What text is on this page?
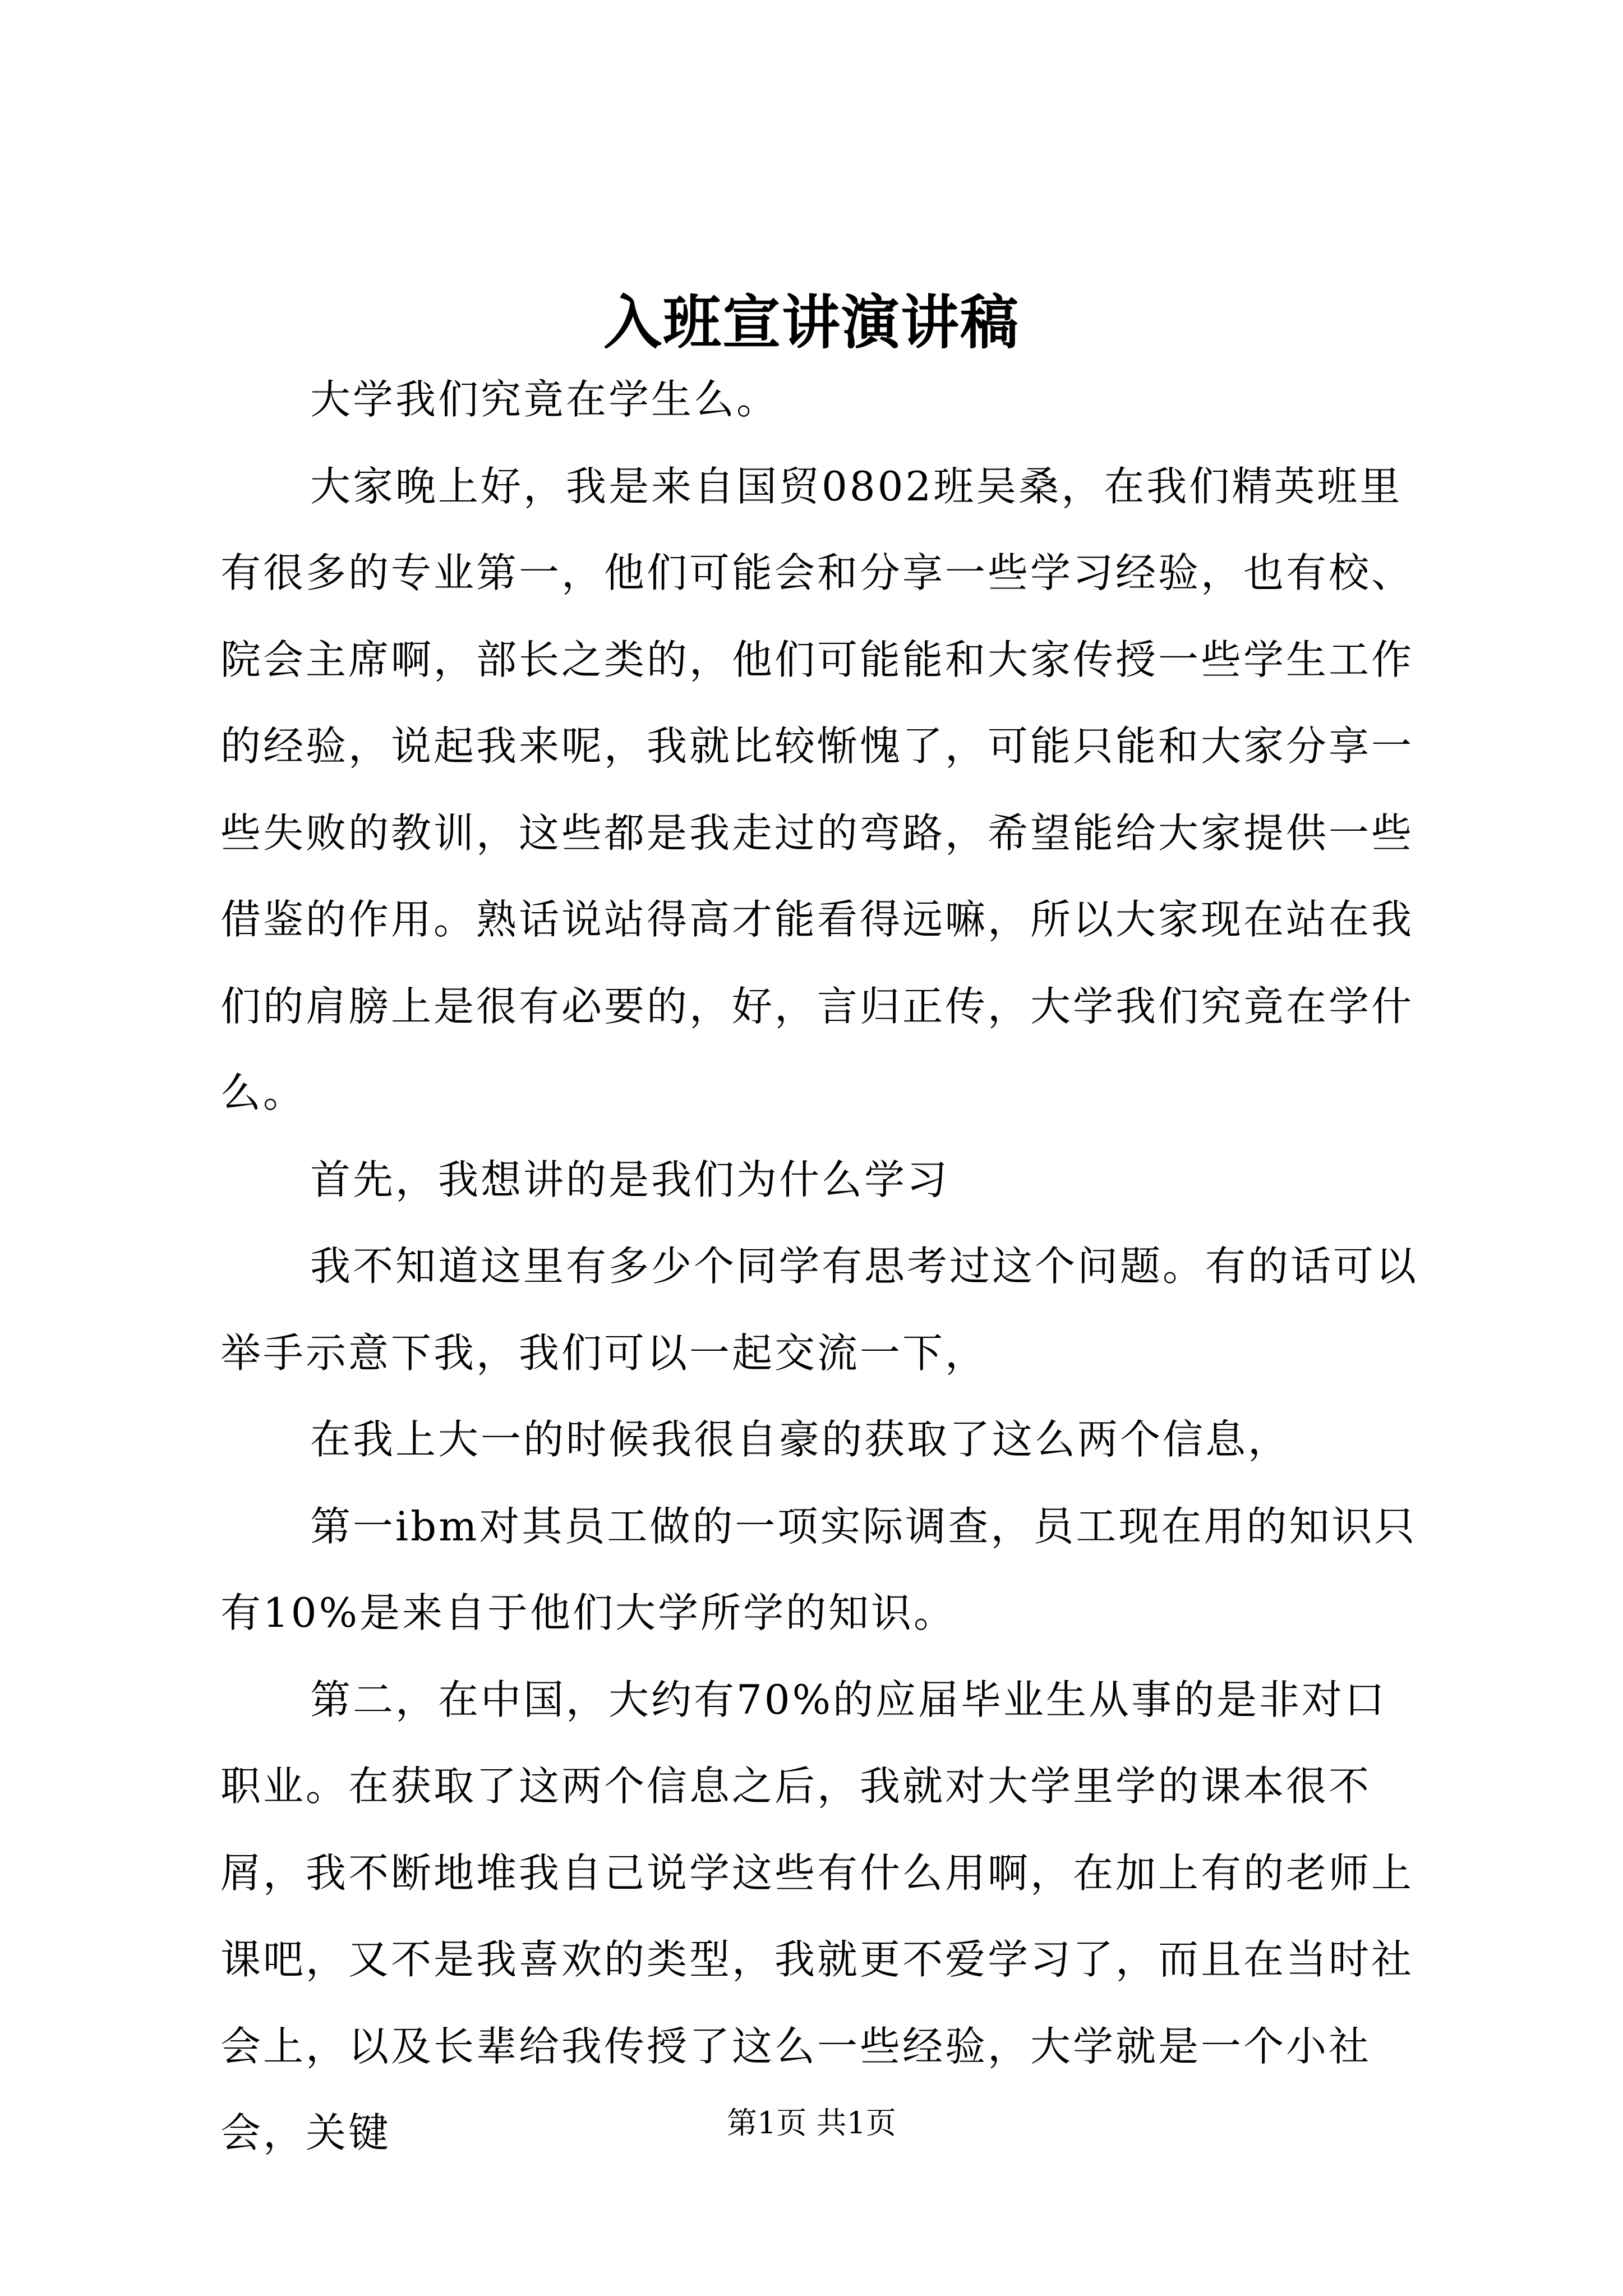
入班宣讲演讲稿

大学我们究竟在学生么。

大家晚上好，我是来自国贸0802班吴桑，在我们精英班里有很多的专业第一，他们可能会和分享一些学习经验，也有校、院会主席啊，部长之类的，他们可能能和大家传授一些学生工作的经验，说起我来呢，我就比较惭愧了，可能只能和大家分享一些失败的教训，这些都是我走过的弯路，希望能给大家提供一些借鉴的作用。熟话说站得高才能看得远嘛，所以大家现在站在我们的肩膀上是很有必要的，好，言归正传，大学我们究竟在学什么。

首先，我想讲的是我们为什么学习

我不知道这里有多少个同学有思考过这个问题。有的话可以举手示意下我，我们可以一起交流一下，

在我上大一的时候我很自豪的获取了这么两个信息，

第一ibm对其员工做的一项实际调查，员工现在用的知识只有10%是来自于他们大学所学的知识。

第二，在中国，大约有70%的应届毕业生从事的是非对口职业。在获取了这两个信息之后，我就对大学里学的课本很不屑，我不断地堆我自己说学这些有什么用啊，在加上有的老师上课吧，又不是我喜欢的类型，我就更不爱学习了，而且在当时社会上，以及长辈给我传授了这么一些经验，大学就是一个小社会，关键	第1页 共1页
